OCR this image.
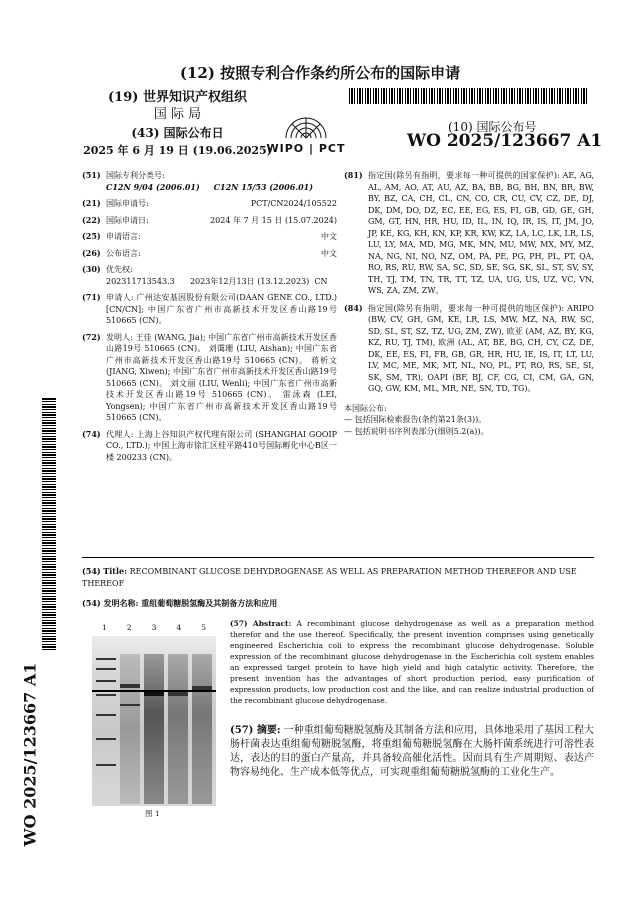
(12) 按照专利合作条约所公布的国际申请
(19) 世界知识产权组织
国 际 局
(43) 国际公布日
2025 年 6 月 19 日 (19.06.2025)
WIPO | PCT
(10) 国际公布号
WO 2025/123667 A1
WO 2025/123667 A1
(51) 国际专利分类号:
C12N 9/04 (2006.01)     C12N 15/53 (2006.01)
(21) 国际申请号:	PCT/CN2024/105522
(22) 国际申请日:	2024 年 7 月 15 日 (15.07.2024)
(25) 申请语言:	中文
(26) 公布语言:	中文
(30) 优先权:
202311713543.3      2023年12月13日 (13.12.2023)  CN
(71) 申请人: 广州达安基因股份有限公司(DAAN GENE CO., LTD.) [CN/CN]; 中国广东省广州市高新技术开发区香山路19号 510665 (CN)。
(72) 发明人: 王佳 (WANG, Jia); 中国广东省广州市高新技术开发区香山路19号 510665 (CN)。 刘霭珊 (LIU, Aishan); 中国广东省广州市高新技术开发区香山路19号 510665 (CN)。 蒋析文 (JIANG, Xiwen); 中国广东省广州市高新技术开发区香山路19号 510665 (CN)。 刘文丽 (LIU, Wenli); 中国广东省广州市高新技术开发区香山路19号 510665 (CN)。 雷泳森 (LEI, Yongsen); 中国广东省广州市高新技术开发区香山路19号 510665 (CN)。
(74) 代理人: 上海上谷知识产权代理有限公司 (SHANGHAI GOOIP CO., LTD.); 中国上海市徐汇区桂平路410号国际孵化中心B区一楼 200233 (CN)。
(81) 指定国(除另有指明，要求每一种可提供的国家保护): AE, AG, AL, AM, AO, AT, AU, AZ, BA, BB, BG, BH, BN, BR, BW, BY, BZ, CA, CH, CL, CN, CO, CR, CU, CV, CZ, DE, DJ, DK, DM, DO, DZ, EC, EE, EG, ES, FI, GB, GD, GE, GH, GM, GT, HN, HR, HU, ID, IL, IN, IQ, IR, IS, IT, JM, JO, JP, KE, KG, KH, KN, KP, KR, KW, KZ, LA, LC, LK, LR, LS, LU, LY, MA, MD, MG, MK, MN, MU, MW, MX, MY, MZ, NA, NG, NI, NO, NZ, OM, PA, PE, PG, PH, PL, PT, QA, RO, RS, RU, RW, SA, SC, SD, SE, SG, SK, SL, ST, SV, SY, TH, TJ, TM, TN, TR, TT, TZ, UA, UG, US, UZ, VC, VN, WS, ZA, ZM, ZW。
(84) 指定国(除另有指明，要求每一种可提供的地区保护): ARIPO (BW, CV, GH, GM, KE, LR, LS, MW, MZ, NA, RW, SC, SD, SL, ST, SZ, TZ, UG, ZM, ZW), 欧亚 (AM, AZ, BY, KG, KZ, RU, TJ, TM), 欧洲 (AL, AT, BE, BG, CH, CY, CZ, DE, DK, EE, ES, FI, FR, GB, GR, HR, HU, IE, IS, IT, LT, LU, LV, MC, ME, MK, MT, NL, NO, PL, PT, RO, RS, SE, SI, SK, SM, TR), OAPI (BF, BJ, CF, CG, CI, CM, GA, GN, GQ, GW, KM, ML, MR, NE, SN, TD, TG)。
本国际公布:
— 包括国际检索报告(条约第21条(3))。
— 包括说明书序列表部分(细则5.2(a))。
(54) Title: RECOMBINANT GLUCOSE DEHYDROGENASE AS WELL AS PREPARATION METHOD THEREFOR AND USE THEREOF
(54) 发明名称: 重组葡萄糖脱氢酶及其制备方法和应用
1	2	3	4	5
图 1
(57) Abstract: A recombinant glucose dehydrogenase as well as a preparation method therefor and the use thereof. Specifically, the present invention comprises using genetically engineered Escherichia coli to express the recombinant glucose dehydrogenase. Soluble expression of the recombinant glucose dehydrogenase in the Escherichia coli system enables an expressed target protein to have high yield and high catalytic activity. Therefore, the present invention has the advantages of short production period, easy purification of expression products, low production cost and the like, and can realize industrial production of the recombinant glucose dehydrogenase.
(57) 摘要: 一种重组葡萄糖脱氢酶及其制备方法和应用，具体地采用了基因工程大肠杆菌表达重组葡萄糖脱氢酶，将重组葡萄糖脱氢酶在大肠杆菌系统进行可溶性表达，表达的目的蛋白产量高，并具备较高催化活性。因而具有生产周期短、表达产物容易纯化、生产成本低等优点，可实现重组葡萄糖脱氢酶的工业化生产。
